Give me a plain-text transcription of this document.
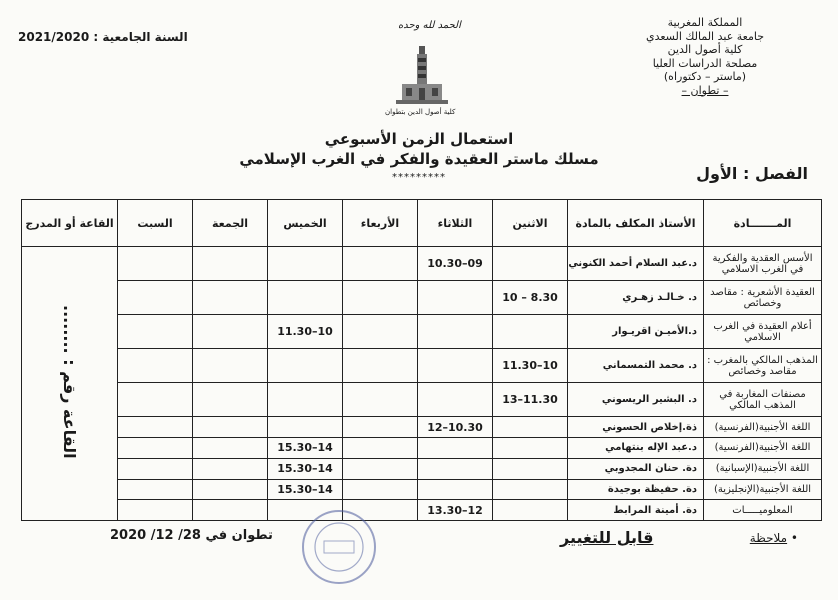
المملكة المغربية
جامعة عبد المالك السعدي
كلية أصول الدين
مصلحة الدراسات العليا
(ماستر – دكتوراه)
– تطوان –
السنة الجامعية : 2021/2020
الحمد لله وحده
كلية أصول الدين بتطوان
استعمال الزمن الأسبوعي
مسلك ماستر العقيدة والفكر في الغرب الإسلامي
*********	الفصل : الأول
المـــــــادة	الأستاذ المكلف بالمادة	الاثنين	الثلاثاء	الأربعاء	الخميس	الجمعة	السبت	القاعة أو المدرج
الأسس العقدية والفكرية في الغرب الاسلامي	د.عبد السلام أحمد الكنوني		09–10.30					القاعة رقم : ........
العقيدة الأشعرية : مقاصد وخصائص	د. خـالـد زهـري	8.30 – 10						
أعلام العقيدة في الغرب الاسلامي	د.الأميـن اقريـوار				10–11.30			
المذهب المالكي بالمغرب : مقاصد وخصائص	د. محمد التمسماني	10–11.30						
مصنفات المغاربة في المذهب المالكي	د. البشير الريسوني	11.30–13						
اللغة الأجنبية(الفرنسية)	ذة.إخلاص الحسوني		10.30–12					
اللغة الأجنبية(الفرنسية)	د.عبد الإله بنتهامي				14–15.30			
اللغة الأجنبية(الإسبانية)	دة. حنان المجدوبي				14–15.30			
اللغة الأجنبية(الإنجليزية)	دة. حفيظة بوجيدة				14–15.30			
المعلوميـــــات	دة. أمينة المرابط		12–13.30					
• ملاحظة
قابل للتغيير
تطوان في 28/ 12/ 2020
